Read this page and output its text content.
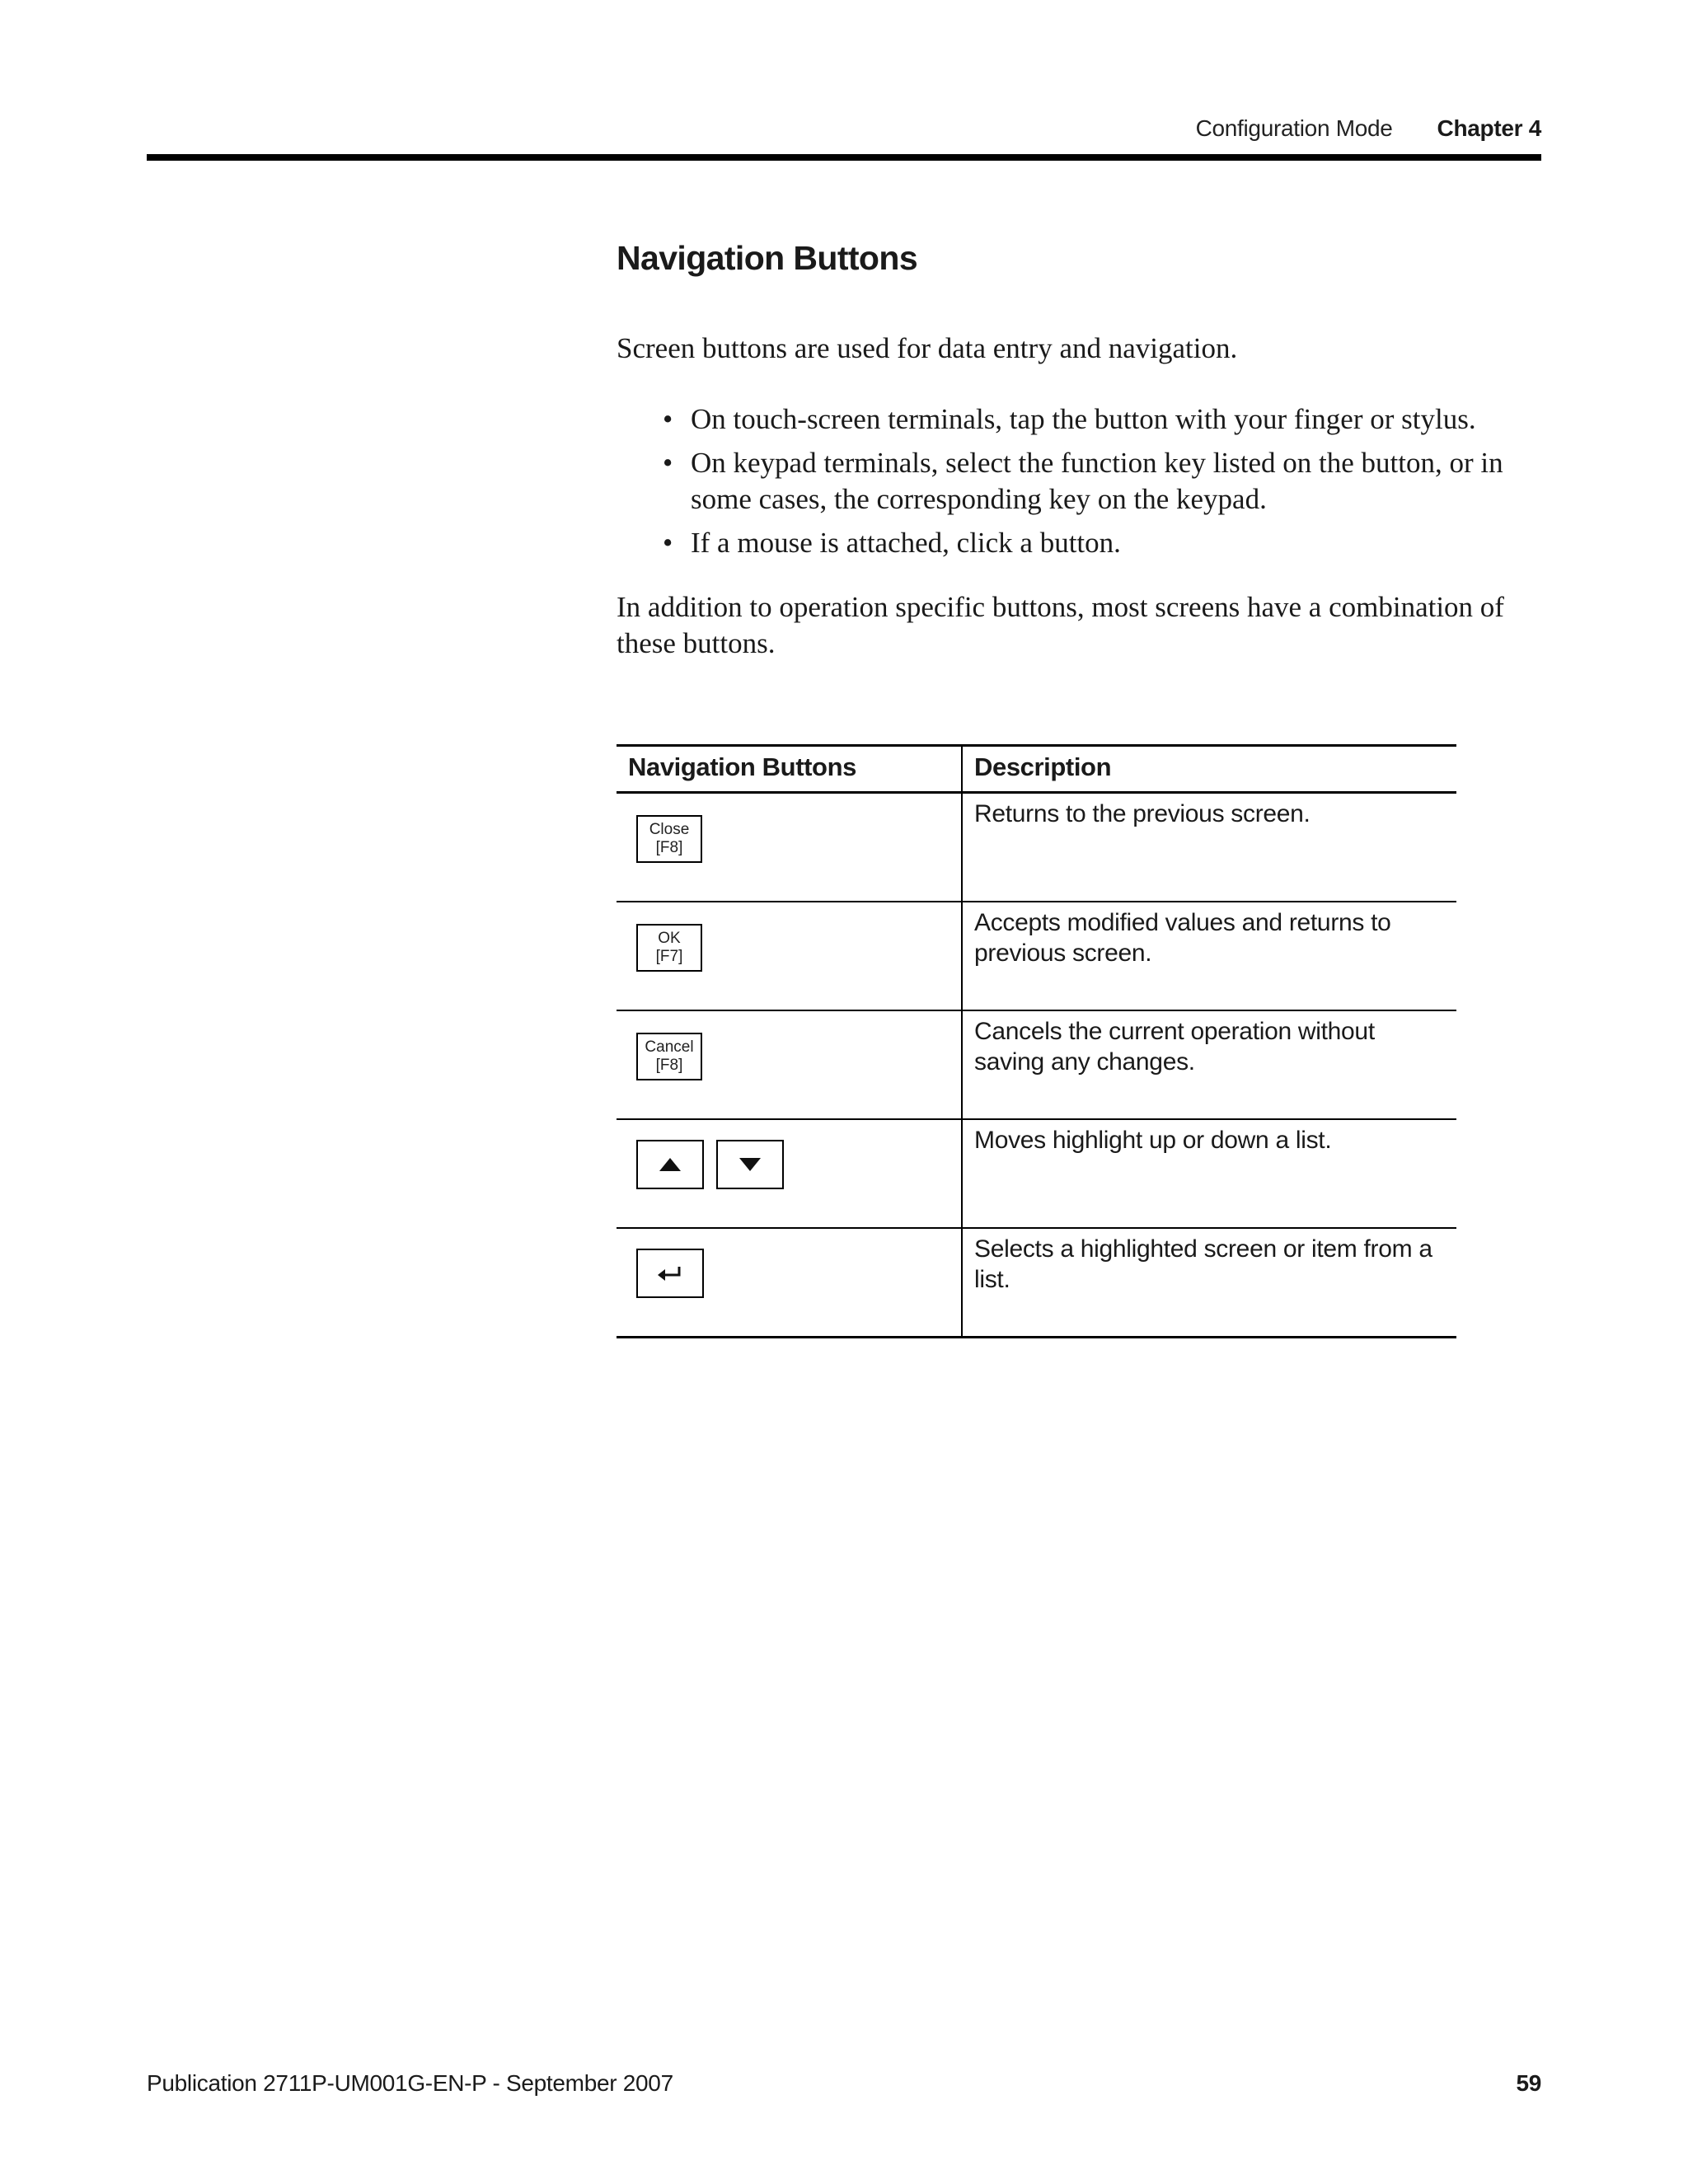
Configuration Mode Chapter 4
Navigation Buttons

Screen buttons are used for data entry and navigation.

• On touch-screen terminals, tap the button with your finger or stylus.
• On keypad terminals, select the function key listed on the button, or in some cases, the corresponding key on the keypad.
• If a mouse is attached, click a button.

In addition to operation specific buttons, most screens have a combination of these buttons.

Navigation Buttons	Description

Close
[F8]	Returns to the previous screen.

OK
[F7]	Accepts modified values and returns to previous screen.

Cancel
[F8]	Cancels the current operation without saving any changes.

	Moves highlight up or down a list.

	Selects a highlighted screen or item from a list.
Publication 2711P-UM001G-EN-P - September 2007	59
